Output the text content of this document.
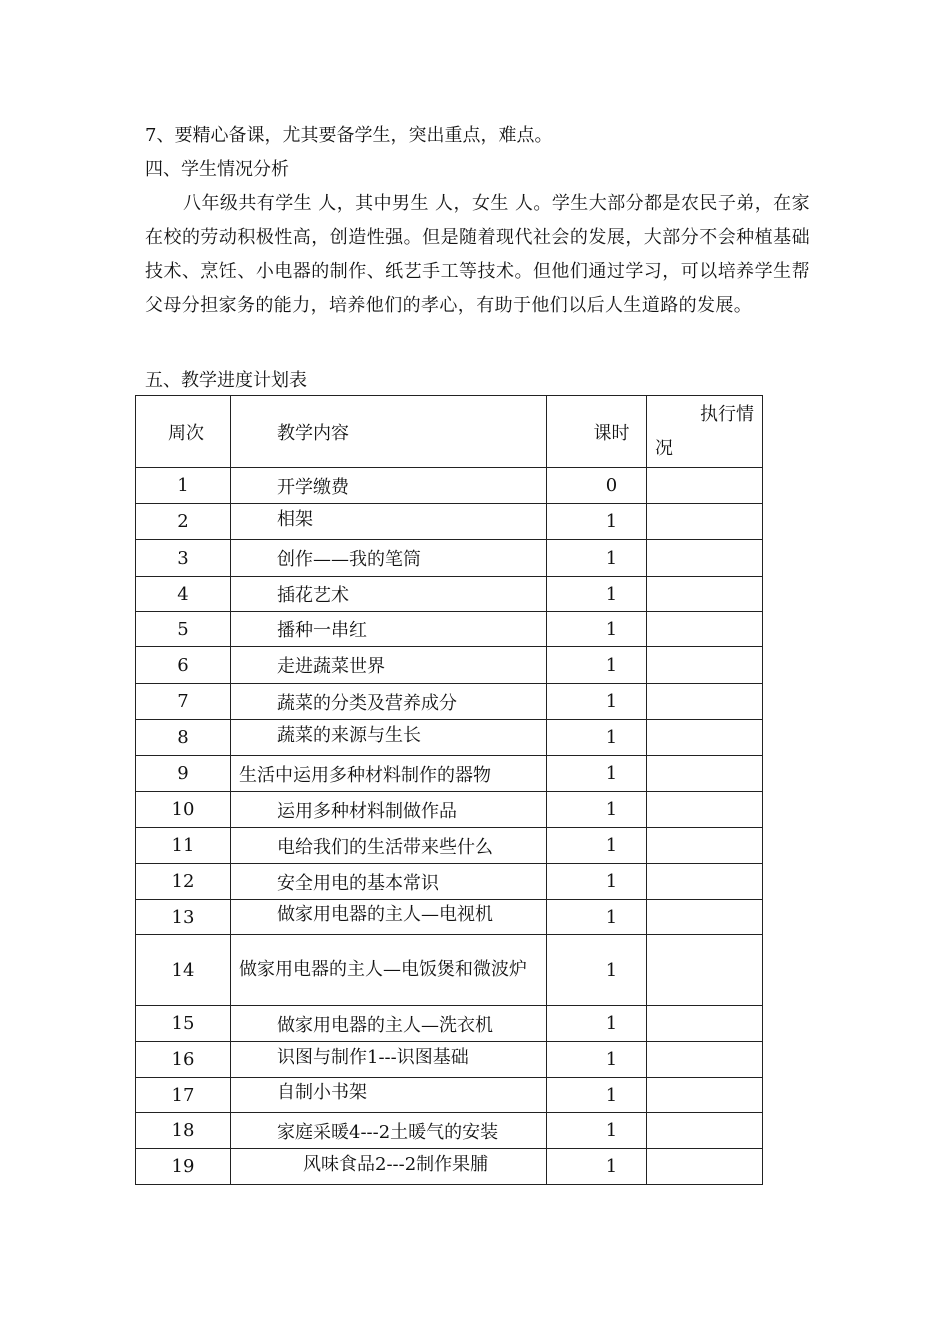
7、要精心备课，尤其要备学生，突出重点，难点。
四、学生情况分析
八年级共有学生 人，其中男生 人，女生 人。学生大部分都是农民子弟，在家在校的劳动积极性高，创造性强。但是随着现代社会的发展，大部分不会种植基础技术、烹饪、小电器的制作、纸艺手工等技术。但他们通过学习，可以培养学生帮父母分担家务的能力，培养他们的孝心，有助于他们以后人生道路的发展。
五、教学进度计划表
周次	教学内容	课时	执行情
况

1	开学缴费	0	
2	相架	1	
3	创作——我的笔筒	1	
4	插花艺术	1	
5	播种一串红	1	
6	走进蔬菜世界	1	
7	蔬菜的分类及营养成分	1	
8	蔬菜的来源与生长	1	
9	生活中运用多种材料制作的器物	1	
10	运用多种材料制做作品	1	
11	电给我们的生活带来些什么	1	
12	安全用电的基本常识	1	
13	做家用电器的主人—电视机	1	
14	做家用电器的主人—电饭煲和微波炉	1	
15	做家用电器的主人—洗衣机	1	
16	识图与制作1---识图基础	1	
17	自制小书架	1	
18	家庭采暖4---2土暖气的安装	1	
19	风味食品2---2制作果脯	1	
